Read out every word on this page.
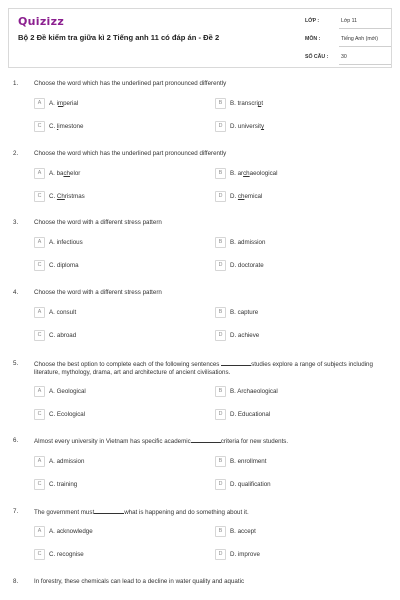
Quizizz
Bộ 2 Đề kiểm tra giữa kì 2 Tiếng anh 11 có đáp án - Đề 2
LỚP :	Lớp 11
MÔN :	Tiếng Anh (mới)
SỐ CÂU : 30
1.	Choose the word which has the underlined part pronounced differently
A	A. imperial	B	B. transcript
C	C. limestone	D	D. university
2.	Choose the word which has the underlined part pronounced differently
A	A. bachelor	B	B. archaeological
C	C. Christmas	D	D. chemical
3.	Choose the word with a different stress pattern
A	A. infectious	B	B. admission
C	C. diploma	D	D. doctorate
4.	Choose the word with a different stress pattern
A	A. consult	B	B. capture
C	C. abroad	D	D. achieve
5.	Choose the best option to complete each of the following sentences	studies explore a range of subjects including literature, mythology, drama, art and architecture of ancient civilisations.
A	A. Geological	B	B. Archaeological
C	C. Ecological	D	D. Educational
6.	Almost every university in Vietnam has specific academic	criteria for new students.
A	A. admission	B	B. enrollment
C	C. training	D	D. qualification
7.	The government must	what is happening and do something about it.
A	A. acknowledge	B	B. accept
C	C. recognise	D	D. improve
8.	In forestry, these chemicals can lead to a decline in water quality and aquatic
